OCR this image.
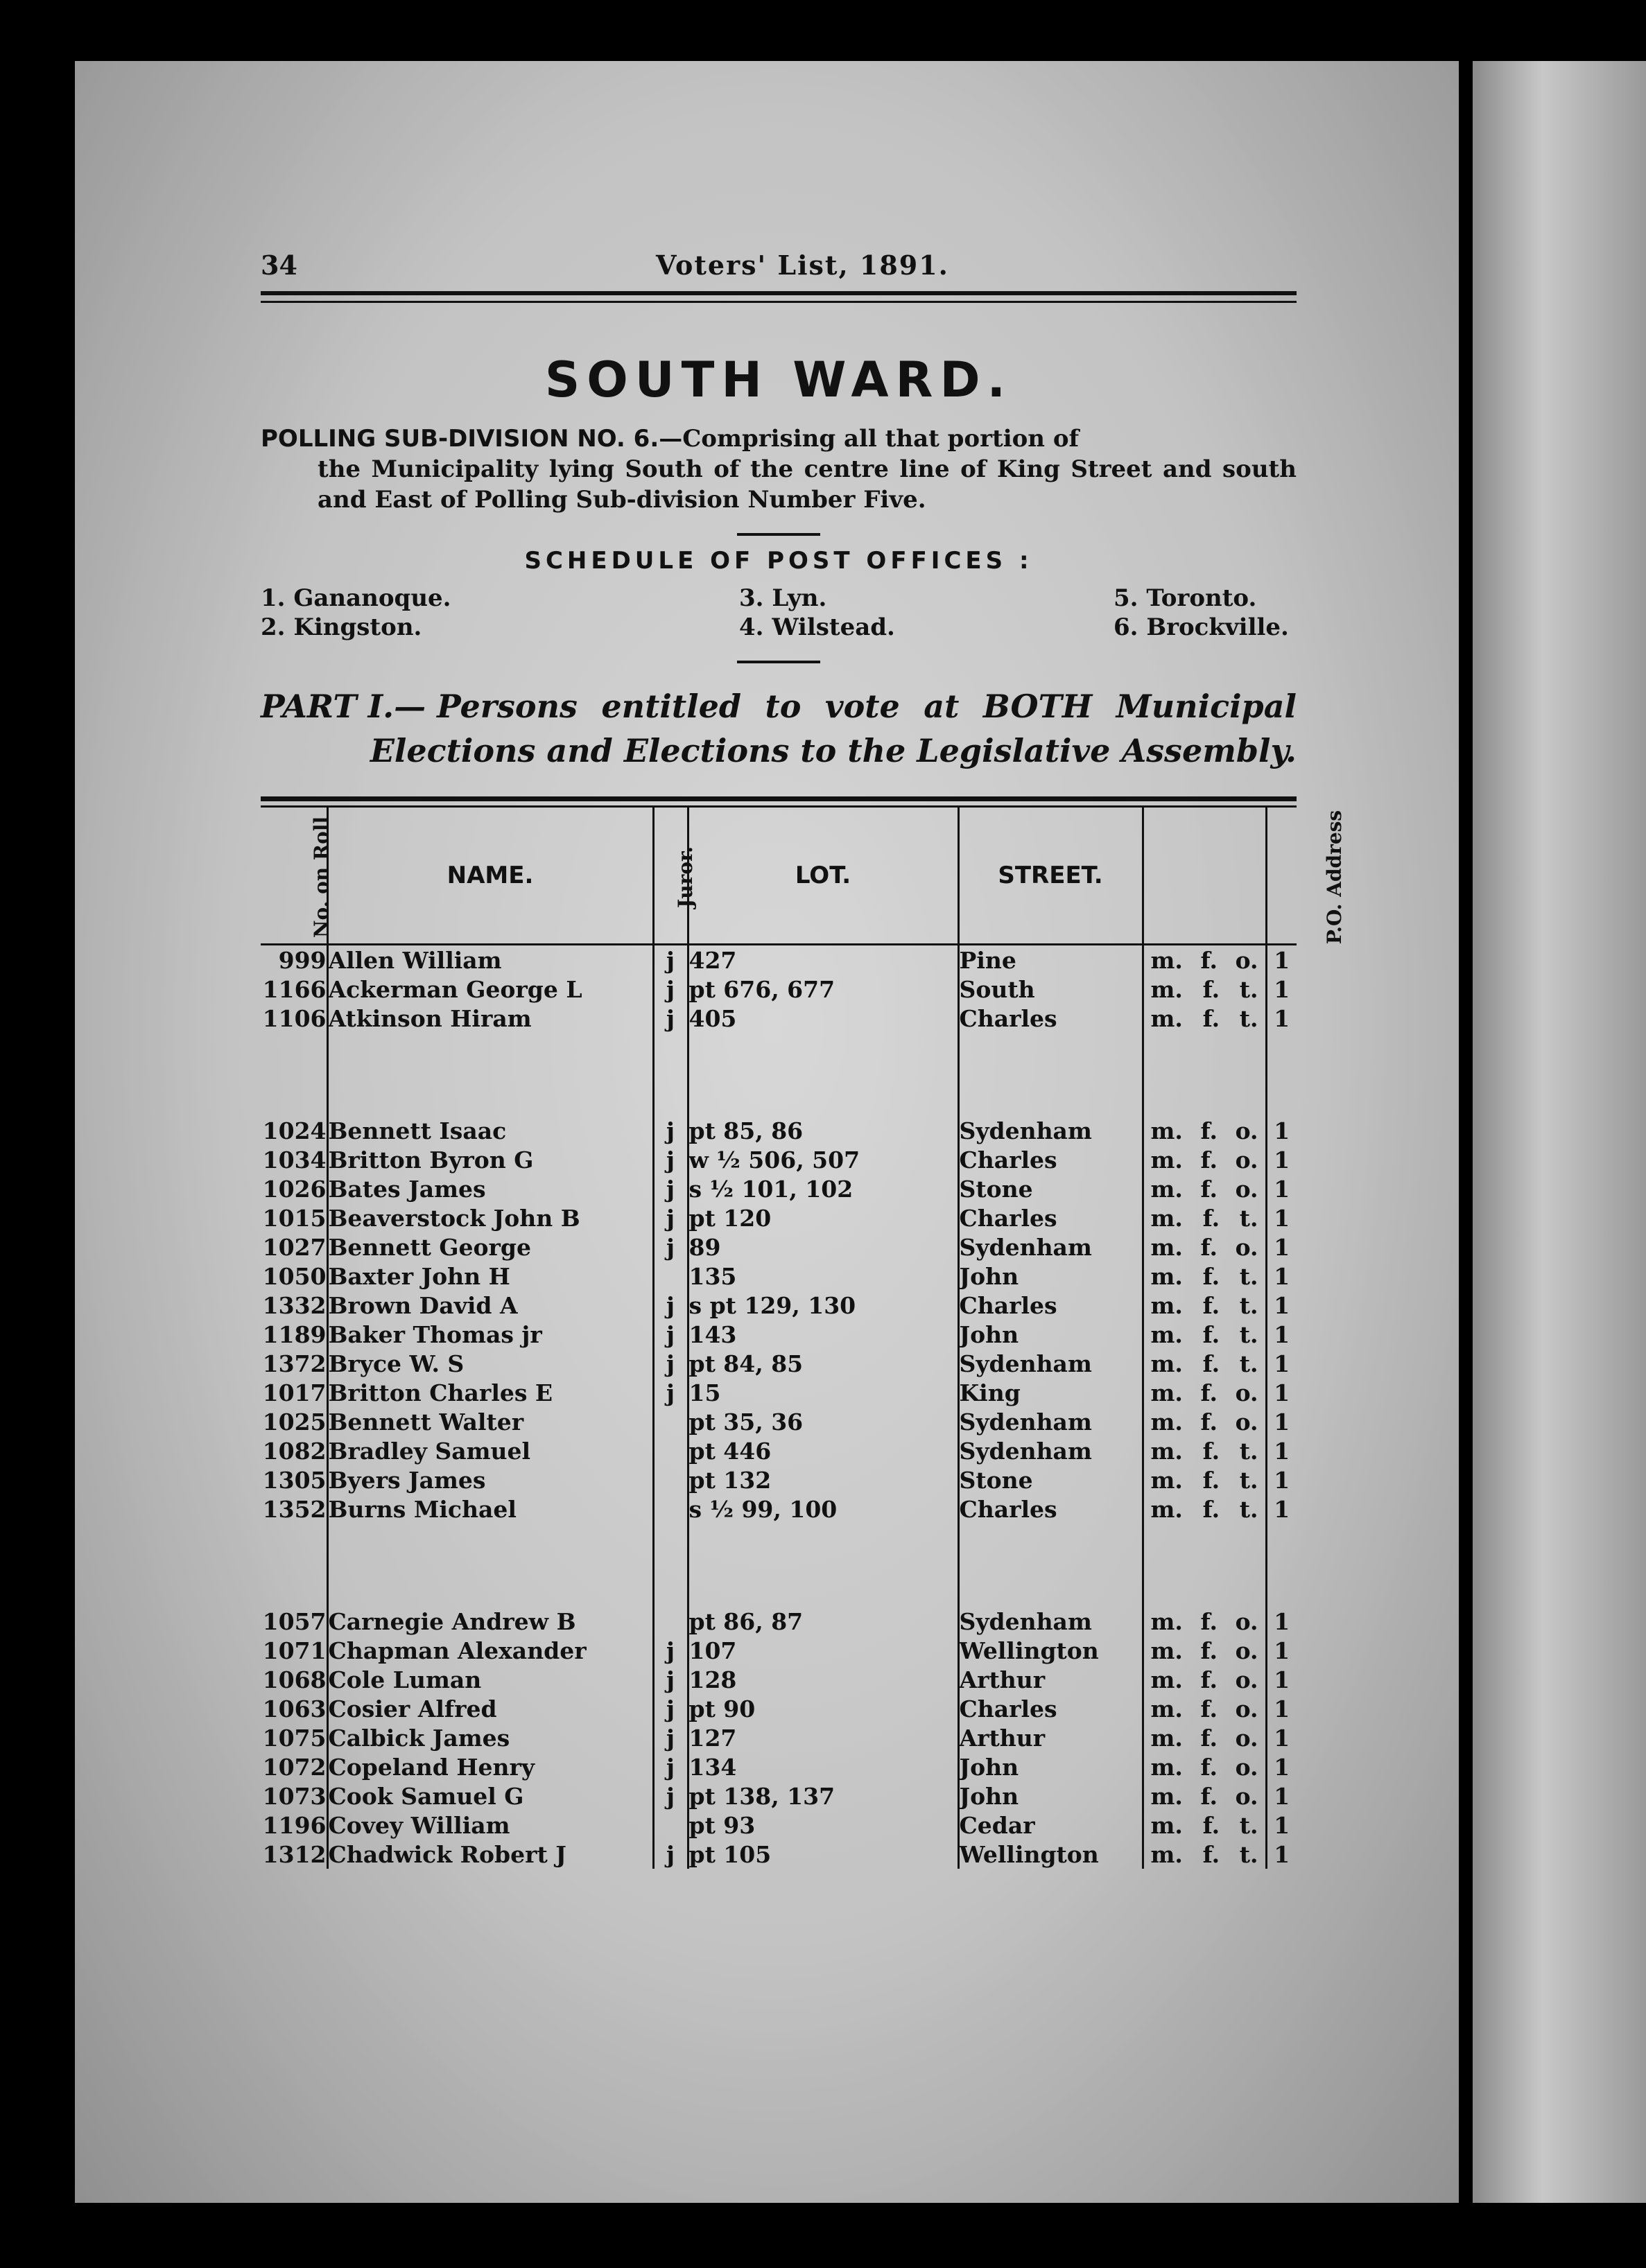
34	Voters' List, 1891.
SOUTH WARD.
POLLING SUB-DIVISION NO. 6.—Comprising all that portion of
the Municipality lying South of the centre line of King Street and south and East of Polling Sub-division Number Five.
SCHEDULE OF POST OFFICES :
1. Gananoque.	3. Lyn.	5. Toronto.
2. Kingston.	4. Wilstead.	6. Brockville.
PART I.— Persons entitled to vote at BOTH Municipal
Elections and Elections to the Legislative Assembly.
No. on Roll	NAME.	Juror.	LOT.	STREET.		P.O. Address
999	Allen William	j	427	Pine	m. f. o.	1
1166	Ackerman George L	j	pt 676, 677	South	m. f. t.	1
1106	Atkinson Hiram	j	405	Charles	m. f. t.	1

1024	Bennett Isaac	j	pt 85, 86	Sydenham	m. f. o.	1
1034	Britton Byron G	j	w ½ 506, 507	Charles	m. f. o.	1
1026	Bates James	j	s ½ 101, 102	Stone	m. f. o.	1
1015	Beaverstock John B	j	pt 120	Charles	m. f. t.	1
1027	Bennett George	j	89	Sydenham	m. f. o.	1
1050	Baxter John H		135	John	m. f. t.	1
1332	Brown David A	j	s pt 129, 130	Charles	m. f. t.	1
1189	Baker Thomas jr	j	143	John	m. f. t.	1
1372	Bryce W. S	j	pt 84, 85	Sydenham	m. f. t.	1
1017	Britton Charles E	j	15	King	m. f. o.	1
1025	Bennett Walter		pt 35, 36	Sydenham	m. f. o.	1
1082	Bradley Samuel		pt 446	Sydenham	m. f. t.	1
1305	Byers James		pt 132	Stone	m. f. t.	1
1352	Burns Michael		s ½ 99, 100	Charles	m. f. t.	1

1057	Carnegie Andrew B		pt 86, 87	Sydenham	m. f. o.	1
1071	Chapman Alexander	j	107	Wellington	m. f. o.	1
1068	Cole Luman	j	128	Arthur	m. f. o.	1
1063	Cosier Alfred	j	pt 90	Charles	m. f. o.	1
1075	Calbick James	j	127	Arthur	m. f. o.	1
1072	Copeland Henry	j	134	John	m. f. o.	1
1073	Cook Samuel G	j	pt 138, 137	John	m. f. o.	1
1196	Covey William		pt 93	Cedar	m. f. t.	1
1312	Chadwick Robert J	j	pt 105	Wellington	m. f. t.	1
